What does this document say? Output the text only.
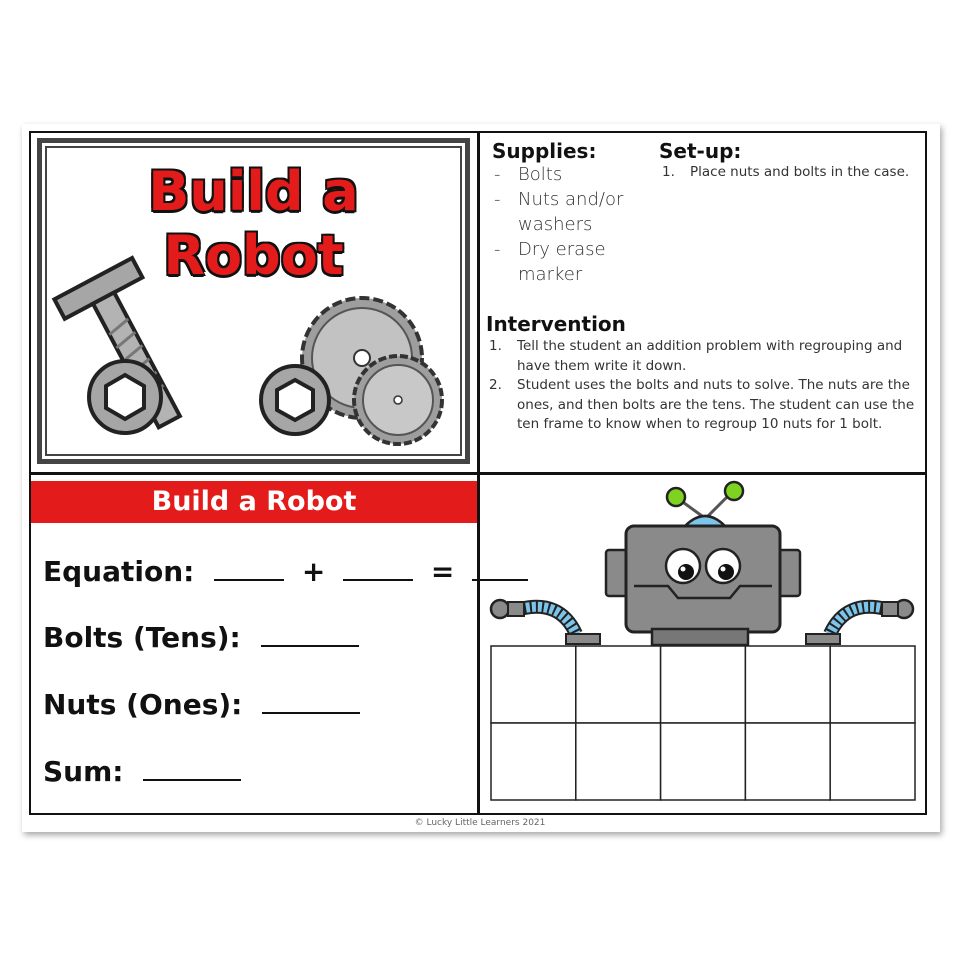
Build a
Robot
Supplies:
- Bolts
- Nuts and/or washers
- Dry erase marker
Set-up:
1. Place nuts and bolts in the case.
Intervention
1. Tell the student an addition problem with regrouping and have them write it down.
2. Student uses the bolts and nuts to solve. The nuts are the ones, and then bolts are the tens. The student can use the ten frame to know when to regroup 10 nuts for 1 bolt.
Build a Robot
Equation:	+	=
Bolts (Tens):
Nuts (Ones):
Sum:
© Lucky Little Learners 2021
